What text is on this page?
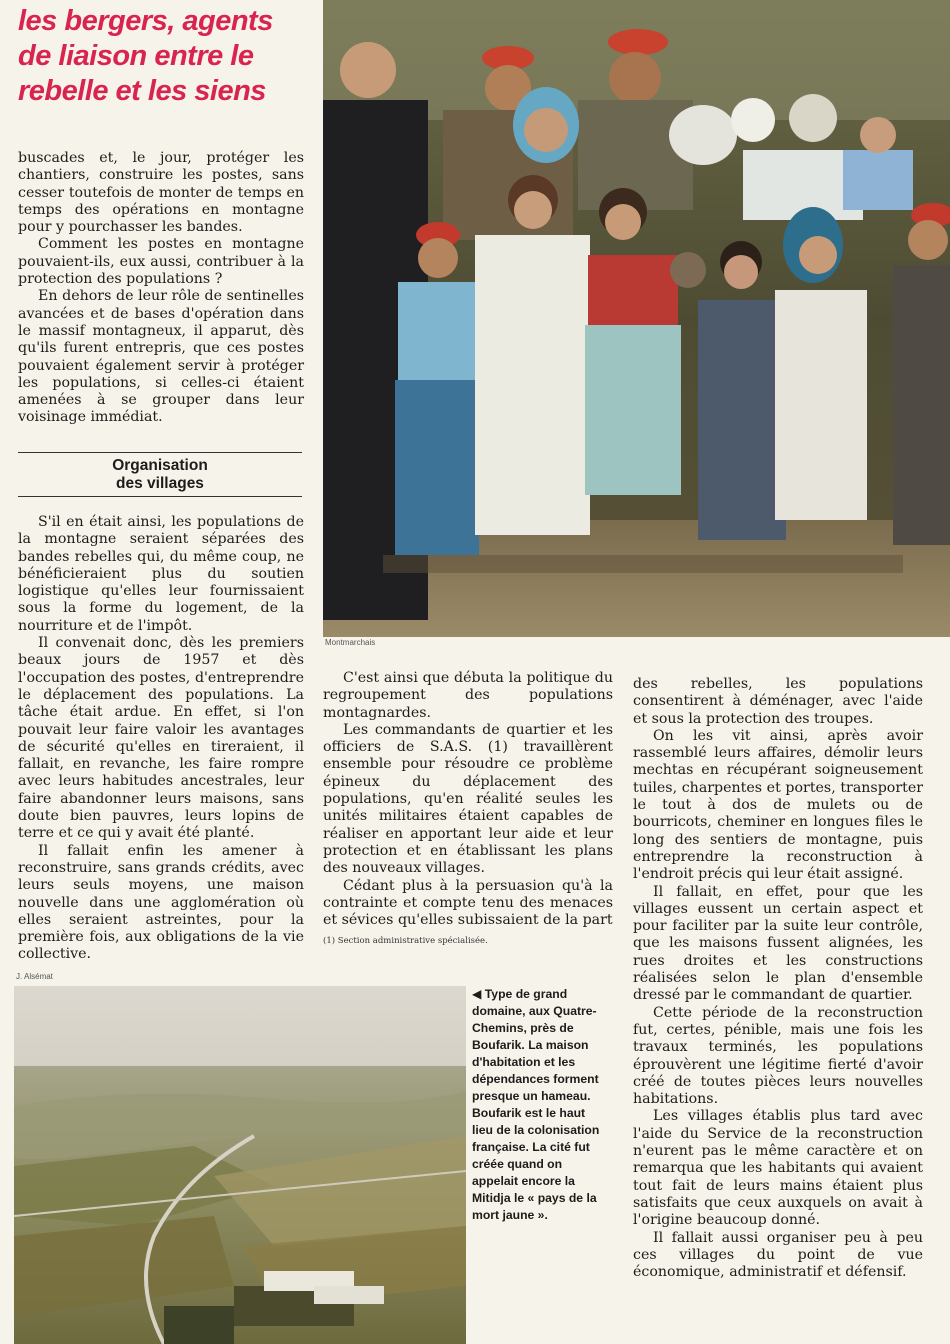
les bergers, agents
de liaison entre le
rebelle et les siens
Montmarchais

buscades et, le jour, protéger les chantiers, construire les postes, sans cesser toutefois de monter de temps en temps des opérations en montagne pour y pourchasser les bandes.

Comment les postes en montagne pouvaient-ils, eux aussi, contribuer à la protection des populations ?

En dehors de leur rôle de sentinelles avancées et de bases d'opération dans le massif montagneux, il apparut, dès qu'ils furent entrepris, que ces postes pouvaient également servir à protéger les populations, si celles-ci étaient amenées à se grouper dans leur voisinage immédiat.

Organisation
des villages

S'il en était ainsi, les populations de la montagne seraient séparées des bandes rebelles qui, du même coup, ne bénéficieraient plus du soutien logistique qu'elles leur fournissaient sous la forme du logement, de la nourriture et de l'impôt.

Il convenait donc, dès les premiers beaux jours de 1957 et dès l'occupation des postes, d'entreprendre le déplacement des populations. La tâche était ardue. En effet, si l'on pouvait leur faire valoir les avantages de sécurité qu'elles en tireraient, il fallait, en revanche, les faire rompre avec leurs habitudes ancestrales, leur faire abandonner leurs maisons, sans doute bien pauvres, leurs lopins de terre et ce qui y avait été planté.

Il fallait enfin les amener à reconstruire, sans grands crédits, avec leurs seuls moyens, une maison nouvelle dans une agglomération où elles seraient astreintes, pour la première fois, aux obligations de la vie collective.

C'est ainsi que débuta la politique du regroupement des populations montagnardes.

Les commandants de quartier et les officiers de S.A.S. (1) travaillèrent ensemble pour résoudre ce problème épineux du déplacement des populations, qu'en réalité seules les unités militaires étaient capables de réaliser en apportant leur aide et leur protection et en établissant les plans des nouveaux villages.

Cédant plus à la persuasion qu'à la contrainte et compte tenu des menaces et sévices qu'elles subissaient de la part

(1) Section administrative spécialisée.

des rebelles, les populations consentirent à déménager, avec l'aide et sous la protection des troupes.

On les vit ainsi, après avoir rassemblé leurs affaires, démolir leurs mechtas en récupérant soigneusement tuiles, charpentes et portes, transporter le tout à dos de mulets ou de bourricots, cheminer en longues files le long des sentiers de montagne, puis entreprendre la reconstruction à l'endroit précis qui leur était assigné.

Il fallait, en effet, pour que les villages eussent un certain aspect et pour faciliter par la suite leur contrôle, que les maisons fussent alignées, les rues droites et les constructions réalisées selon le plan d'ensemble dressé par le commandant de quartier.

Cette période de la reconstruction fut, certes, pénible, mais une fois les travaux terminés, les populations éprouvèrent une légitime fierté d'avoir créé de toutes pièces leurs nouvelles habitations.

Les villages établis plus tard avec l'aide du Service de la reconstruction n'eurent pas le même caractère et on remarqua que les habitants qui avaient tout fait de leurs mains étaient plus satisfaits que ceux auxquels on avait à l'origine beaucoup donné.

Il fallait aussi organiser peu à peu ces villages du point de vue économique, administratif et défensif.

J. Alsémat
◀ Type de grand domaine, aux Quatre-Chemins, près de Boufarik. La maison d'habitation et les dépendances forment presque un hameau. Boufarik est le haut lieu de la colonisation française. La cité fut créée quand on appelait encore la Mitidja le « pays de la mort jaune ».
